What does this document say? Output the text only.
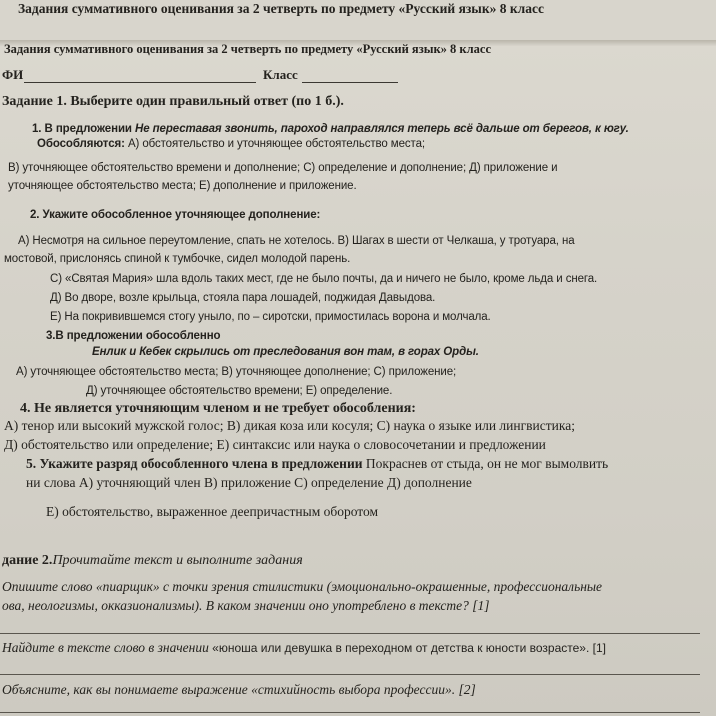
Задания суммативного оценивания за 2 четверть по предмету «Русский язык» 8 класс
Задания суммативного оценивания за 2 четверть по предмету «Русский язык» 8 класс
ФИ	Класс
Задание 1. Выберите один правильный ответ (по 1 б.).
1. В предложении Не переставая звонить, пароход направлялся теперь всё дальше от берегов, к югу.
Обособляются: А) обстоятельство и уточняющее обстоятельство места;
В) уточняющее обстоятельство времени и дополнение; С) определение и дополнение; Д) приложение и
уточняющее обстоятельство места; Е) дополнение и приложение.
2. Укажите обособленное уточняющее дополнение:
А) Несмотря на сильное переутомление, спать не хотелось. В) Шагах в шести от Челкаша, у тротуара, на
мостовой, прислонясь спиной к тумбочке, сидел молодой парень.
С) «Святая Мария» шла вдоль таких мест, где не было почты, да и ничего не было, кроме льда и снега.
Д) Во дворе, возле крыльца, стояла пара лошадей, поджидая Давыдова.
Е) На покривившемся стогу уныло, по – сиротски, примостилась ворона и молчала.
3.В предложении обособленно
Енлик и Кебек скрылись от преследования вон там, в горах Орды.
А) уточняющее обстоятельство места; В) уточняющее дополнение; С) приложение;
Д) уточняющее обстоятельство времени; Е) определение.
4. Не является уточняющим членом и не требует обособления:
А) тенор или высокий мужской голос; В) дикая коза или косуля; С) наука о языке или лингвистика;
Д) обстоятельство или определение; Е) синтаксис или наука о словосочетании и предложении
5. Укажите разряд обособленного члена в предложении Покраснев от стыда, он не мог вымолвить
ни слова А) уточняющий член В) приложение С) определение Д) дополнение
Е) обстоятельство, выраженное деепричастным оборотом
дание 2.Прочитайте текст и выполните задания
Опишите слово «пиарщик» с точки зрения стилистики (эмоционально-окрашенные, профессиональные
ова, неологизмы, окказионализмы). В каком значении оно употреблено в тексте? [1]
Найдите в тексте слово в значении «юноша или девушка в переходном от детства к юности возрасте». [1]
Объясните, как вы понимаете выражение «стихийность выбора профессии». [2]
